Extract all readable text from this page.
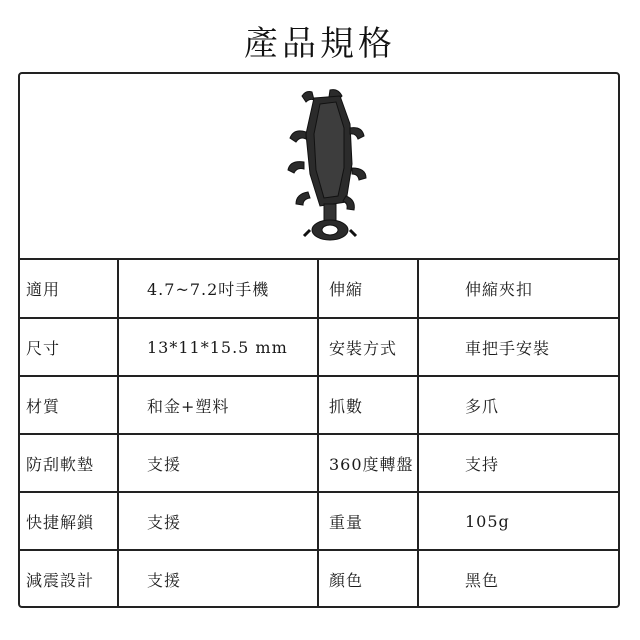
產品規格
適用	4.7~7.2吋手機	伸縮	伸縮夾扣
尺寸	13*11*15.5 mm	安裝方式	車把手安裝
材質	和金+塑料	抓數	多爪
防刮軟墊	支援	360度轉盤	支持
快捷解鎖	支援	重量	105g
減震設計	支援	顏色	黑色
